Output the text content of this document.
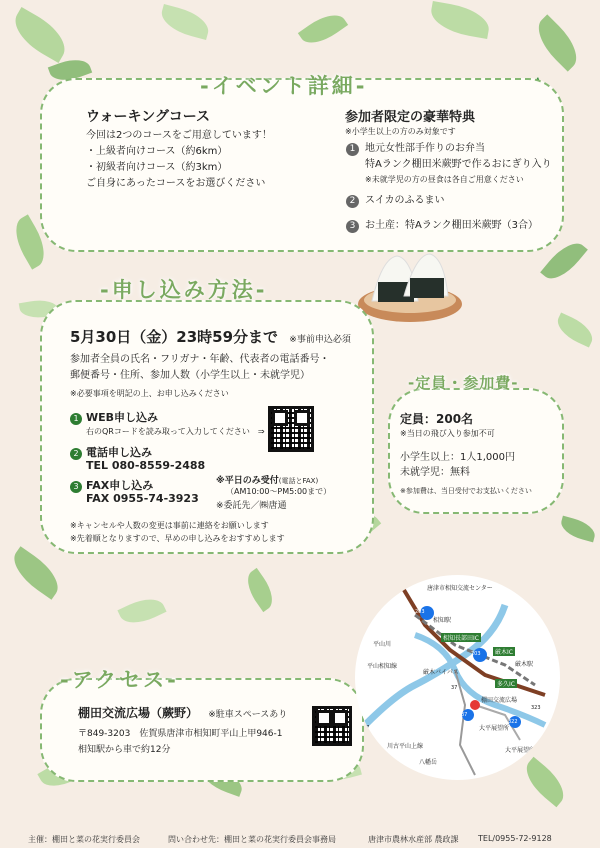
-イベント詳細-
ウォーキングコース
今回は2つのコースをご用意しています！
・上級者向けコース（約6km）
・初級者向けコース（約3km）
ご自身にあったコースをお選びください
参加者限定の豪華特典
※小学生以上の方のみ対象です
1 地元女性部手作りのお弁当
特Aランク棚田米蕨野で作るおにぎり入り
※未就学児の方の昼食は各自ご用意ください
2 スイカのふるまい
3 お土産：特Aランク棚田米蕨野（3合）
-申し込み方法-
5月30日（金）23時59分まで ※事前申込必須
参加者全員の氏名・フリガナ・年齢、代表者の電話番号・
郵便番号・住所、参加人数（小学生以上・未就学児）
※必要事項を明記の上、お申し込みください
1 WEB申し込み
右のQRコードを読み取って入力してください　⇒
2 電話申し込み
TEL 080-8559-2488
3 FAX申し込み
FAX 0955-74-3923
※平日のみ受付(電話とFAX)
（AM10:00〜PM5:00まで）
※委託先／㈱唐通
※キャンセルや人数の変更は事前に連絡をお願いします
※先着順となりますので、早めの申し込みをおすすめします
-定員・参加費-
定員：200名
※当日の飛び入り参加不可
小学生以上：1人1,000円
未就学児：無料
※参加費は、当日受付でお支払いください
-アクセス-
棚田交流広場（蕨野） ※駐車スペースあり
〒849-3203　佐賀県唐津市相知町平山上甲946-1
相知駅から車で約12分
唐津市相知交流センター
相知駅
平山川
平山相知線
厳木バイパス
厳木IC
厳木駅
多久IC
相知長部田IC
棚田交流広場
川古平山上線
大平展望所
八幡岳
大平展望所へ
203
203
37
322
37
323
37
主催：棚田と菜の花実行委員会	問い合わせ先：棚田と菜の花実行委員会事務局	唐津市農林水産部 農政課 TEL/0955-72-9128
